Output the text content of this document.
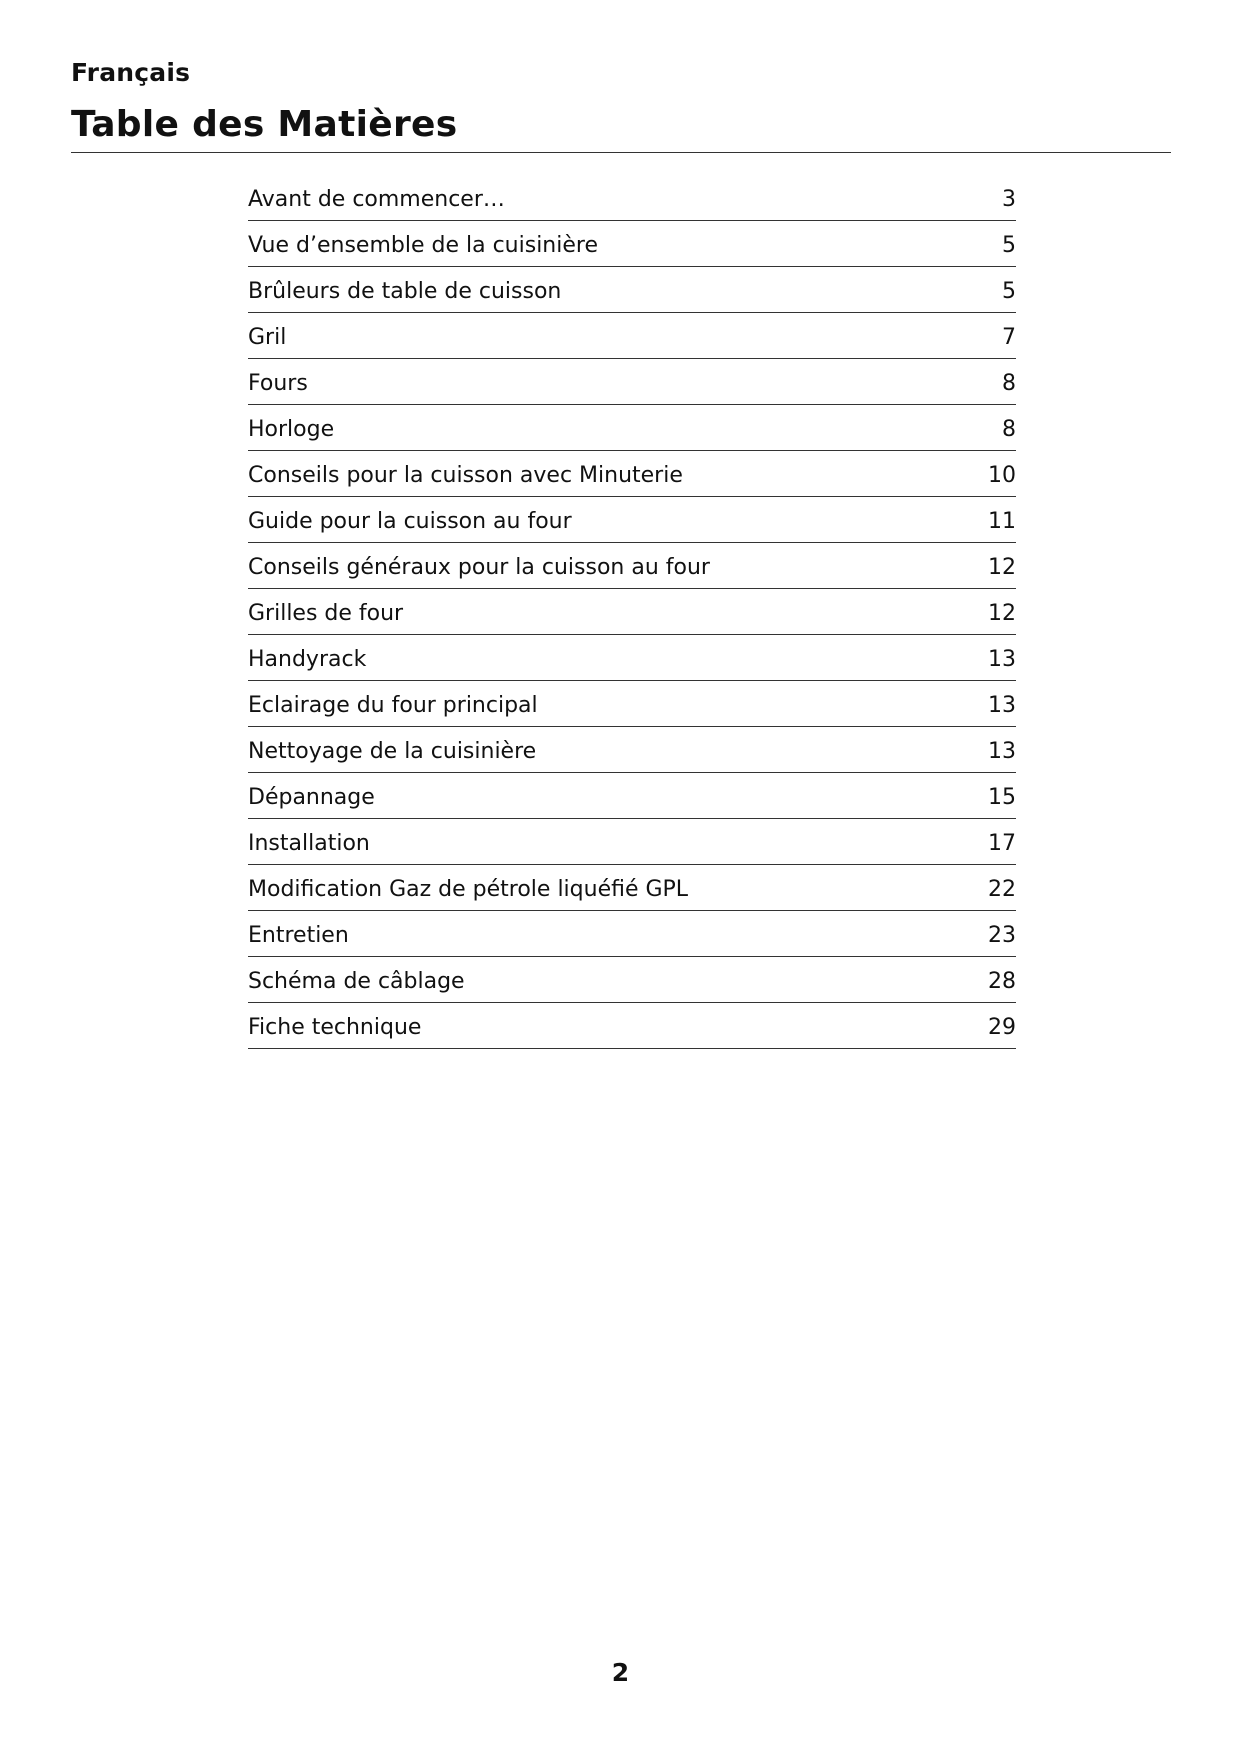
Français
Table des Matières
Avant de commencer…	3
Vue d’ensemble de la cuisinière	5
Brûleurs de table de cuisson	5
Gril	7
Fours	8
Horloge	8
Conseils pour la cuisson avec Minuterie	10
Guide pour la cuisson au four	11
Conseils généraux pour la cuisson au four	12
Grilles de four	12
Handyrack	13
Eclairage du four principal	13
Nettoyage de la cuisinière	13
Dépannage	15
Installation	17
Modification Gaz de pétrole liquéfié GPL	22
Entretien	23
Schéma de câblage	28
Fiche technique	29
2
